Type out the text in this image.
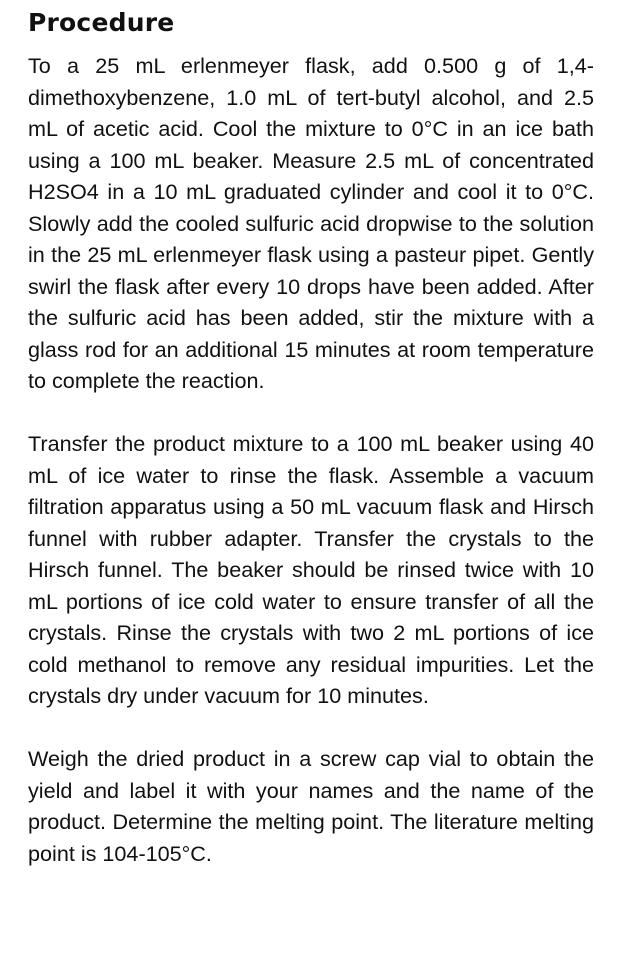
Procedure

To a 25 mL erlenmeyer flask, add 0.500 g of 1,4-dimethoxybenzene, 1.0 mL of tert-butyl alcohol, and 2.5 mL of acetic acid. Cool the mixture to 0°C in an ice bath using a 100 mL beaker. Measure 2.5 mL of concentrated H2SO4 in a 10 mL graduated cylinder and cool it to 0°C. Slowly add the cooled sulfuric acid dropwise to the solution in the 25 mL erlenmeyer flask using a pasteur pipet. Gently swirl the flask after every 10 drops have been added. After the sulfuric acid has been added, stir the mixture with a glass rod for an additional 15 minutes at room temperature to complete the reaction.

Transfer the product mixture to a 100 mL beaker using 40 mL of ice water to rinse the flask. Assemble a vacuum filtration apparatus using a 50 mL vacuum flask and Hirsch funnel with rubber adapter. Transfer the crystals to the Hirsch funnel. The beaker should be rinsed twice with 10 mL portions of ice cold water to ensure transfer of all the crystals. Rinse the crystals with two 2 mL portions of ice cold methanol to remove any residual impurities. Let the crystals dry under vacuum for 10 minutes.

Weigh the dried product in a screw cap vial to obtain the yield and label it with your names and the name of the product. Determine the melting point. The literature melting point is 104-105°C.
